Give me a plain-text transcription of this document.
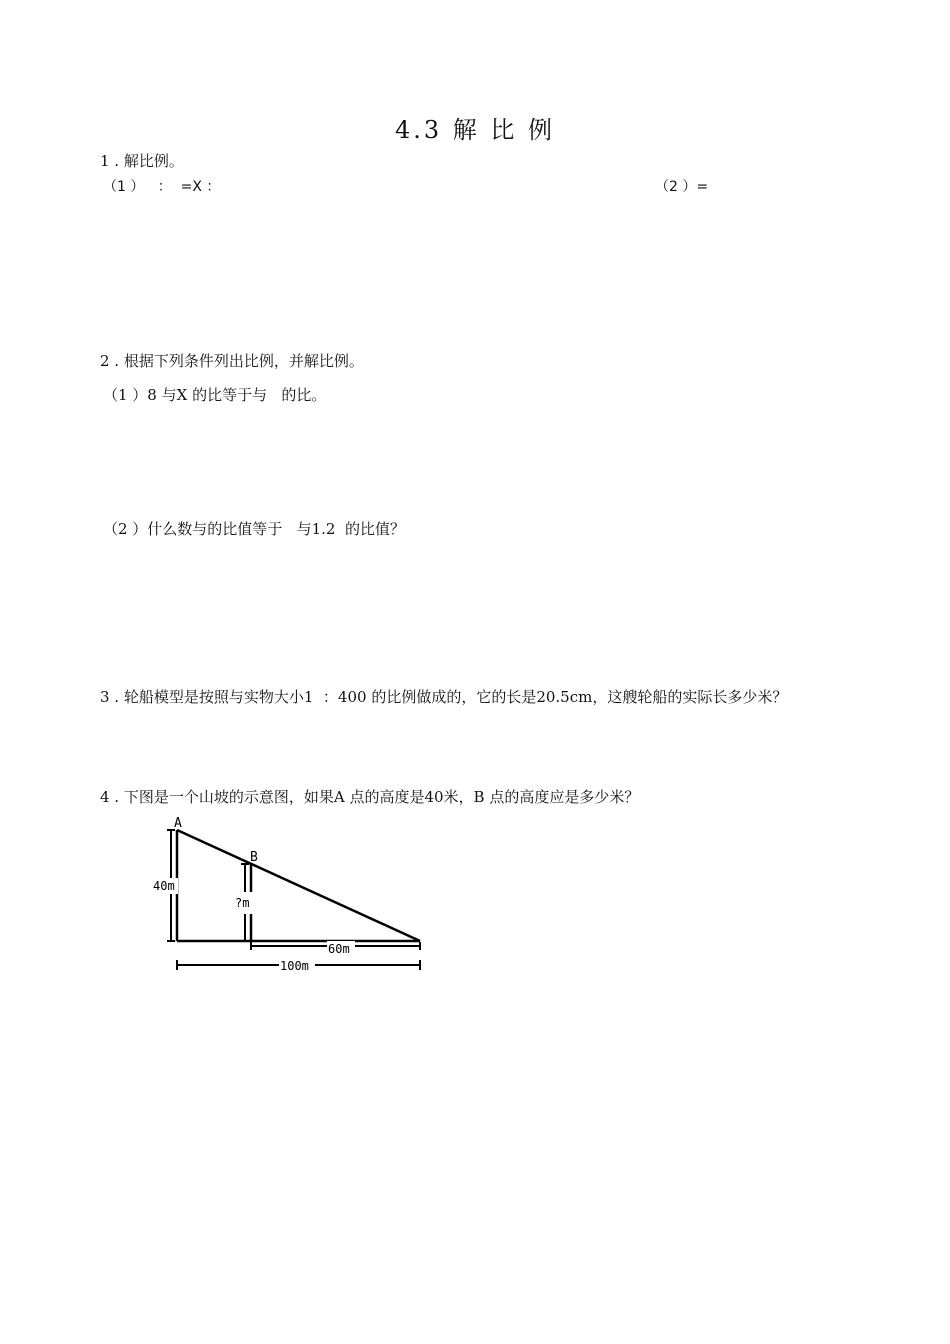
4.3 解 比 例
1 . 解比例。
（1 ）   ：  =X ：	（2 ）=
2 . 根据下列条件列出比例，并解比例。
（1 ）8 与X 的比等于与   的比。
（2 ）什么数与的比值等于   与1.2  的比值？
3 . 轮船模型是按照与实物大小1  ：400 的比例做成的，它的长是20.5cm，这艘轮船的实际长多少米？
4 . 下图是一个山坡的示意图，如果A 点的高度是40米，B 点的高度应是多少米？
A
B
40m
?m
60m
100m
